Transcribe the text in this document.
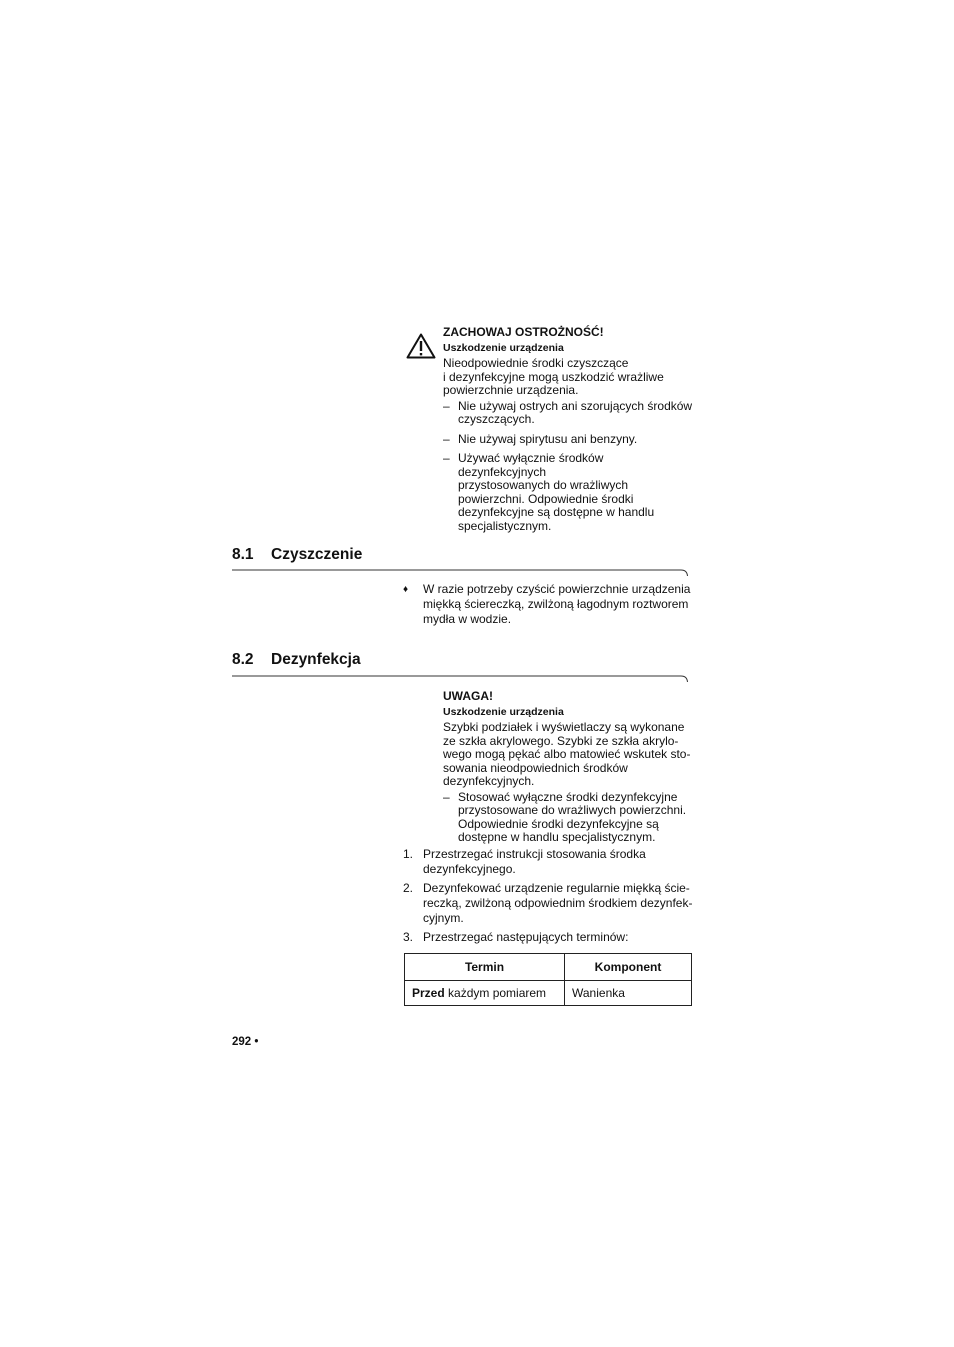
ZACHOWAJ OSTROŻNOŚĆ!
Uszkodzenie urządzenia
Nieodpowiednie środki czyszczące
i dezynfekcyjne mogą uszkodzić wrażliwe
powierzchnie urządzenia.
– Nie używaj ostrych ani szorujących środków
czyszczących.
– Nie używaj spirytusu ani benzyny.
– Używać wyłącznie środków dezynfekcyjnych
przystosowanych do wrażliwych
powierzchni. Odpowiednie środki
dezynfekcyjne są dostępne w handlu
specjalistycznym.
8.1 Czyszczenie
♦ W razie potrzeby czyścić powierzchnie urządzenia
miękką ściereczką, zwilżoną łagodnym roztworem
mydła w wodzie.
8.2 Dezynfekcja
UWAGA!
Uszkodzenie urządzenia
Szybki podziałek i wyświetlaczy są wykonane
ze szkła akrylowego. Szybki ze szkła akrylo-
wego mogą pękać albo matowieć wskutek sto-
sowania nieodpowiednich środków
dezynfekcyjnych.
– Stosować wyłączne środki dezynfekcyjne
przystosowane do wrażliwych powierzchni.
Odpowiednie środki dezynfekcyjne są
dostępne w handlu specjalistycznym.
1. Przestrzegać instrukcji stosowania środka
dezynfekcyjnego.
2. Dezynfekować urządzenie regularnie miękką ście-
reczką, zwilżoną odpowiednim środkiem dezynfek-
cyjnym.
3. Przestrzegać następujących terminów:
Termin	Komponent
Przed każdym pomiarem	Wanienka
292 •
